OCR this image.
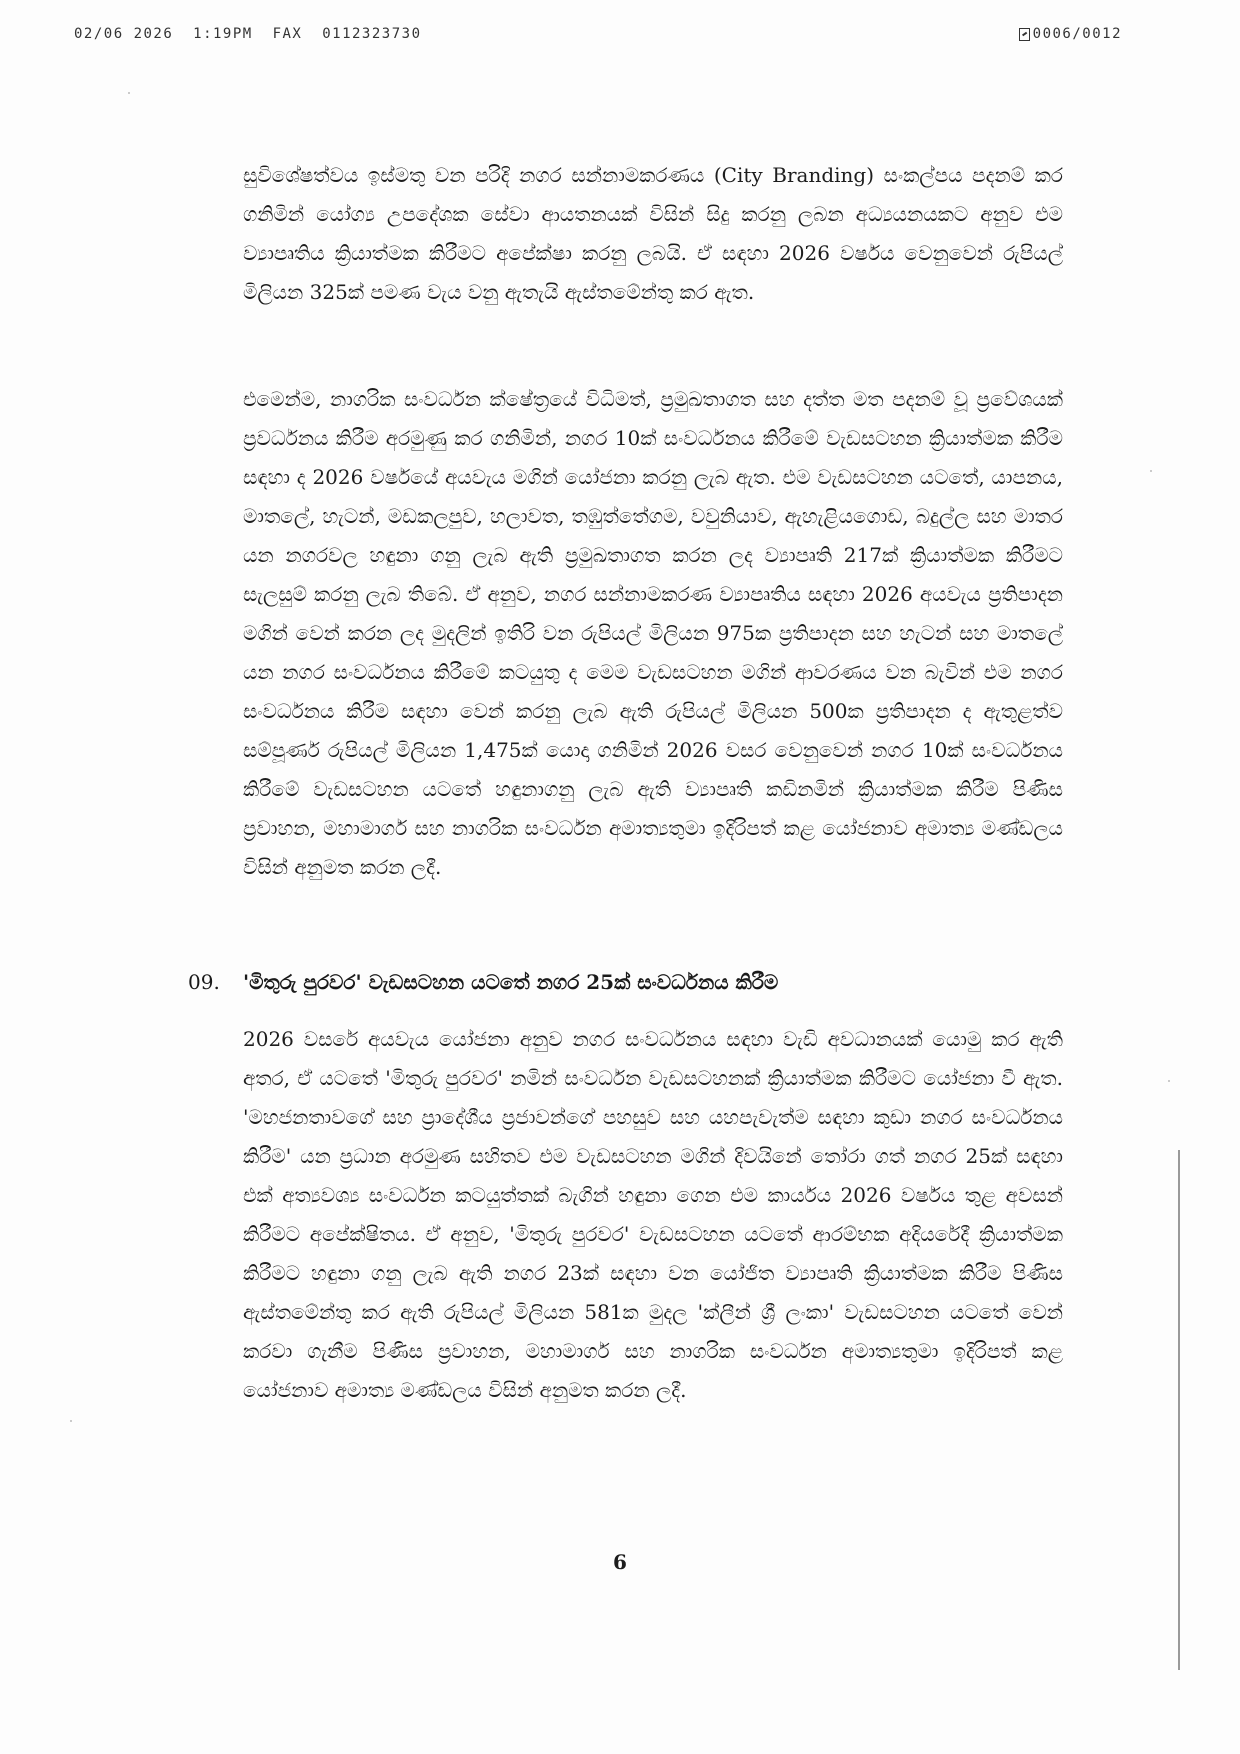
02/06 2026  1:19PM  FAX  0112323730	0006/0012

සුවිශේෂත්වය ඉස්මතු වන පරිදි නගර සන්නාමකරණය (City Branding) සංකල්පය පදනම් කර ගනිමින් යෝග්‍ය උපදේශක සේවා ආයතනයක් විසින් සිදු කරනු ලබන අධ්‍යයනයකට අනුව එම ව්‍යාපෘතිය ක්‍රියාත්මක කිරීමට අපේක්ෂා කරනු ලබයි. ඒ සඳහා 2026 වර්ෂය වෙනුවෙන් රුපියල් මිලියන 325ක් පමණ වැය වනු ඇතැයි ඇස්තමේන්තු කර ඇත.

එමෙන්ම, නාගරික සංවර්ධන ක්ෂේත්‍රයේ විධිමත්, ප්‍රමුඛතාගත සහ දත්ත මත පදනම් වූ ප්‍රවේශයක් ප්‍රවර්ධනය කිරීම අරමුණු කර ගනිමින්, නගර 10ක් සංවර්ධනය කිරීමේ වැඩසටහන ක්‍රියාත්මක කිරීම සඳහා ද 2026 වර්ෂයේ අයවැය මගින් යෝජනා කරනු ලැබ ඇත. එම වැඩසටහන යටතේ, යාපනය, මාතලේ, හැටන්, මඩකලපුව, හලාවත, තඹුත්තේගම, වවුනියාව, ඇහැළියගොඩ, බදුල්ල සහ මාතර යන නගරවල හඳුනා ගනු ලැබ ඇති ප්‍රමුඛතාගත කරන ලද ව්‍යාපෘති 217ක් ක්‍රියාත්මක කිරීමට සැලසුම් කරනු ලැබ තිබේ. ඒ අනුව, නගර සන්නාමකරණ ව්‍යාපෘතිය සඳහා 2026 අයවැය ප්‍රතිපාදන මගින් වෙන් කරන ලද මුදලින් ඉතිරි වන රුපියල් මිලියන 975ක ප්‍රතිපාදන සහ හැටන් සහ මාතලේ යන නගර සංවර්ධනය කිරීමේ කටයුතු ද මෙම වැඩසටහන මගින් ආවරණය වන බැවින් එම නගර සංවර්ධනය කිරීම සඳහා වෙන් කරනු ලැබ ඇති රුපියල් මිලියන 500ක ප්‍රතිපාදන ද ඇතුළත්ව සම්පූර්ණ රුපියල් මිලියන 1,475ක් යොදා ගනිමින් 2026 වසර වෙනුවෙන් නගර 10ක් සංවර්ධනය කිරීමේ වැඩසටහන යටතේ හඳුනාගනු ලැබ ඇති ව්‍යාපෘති කඩිනමින් ක්‍රියාත්මක කිරීම පිණිස ප්‍රවාහන, මහාමාර්ග සහ නාගරික සංවර්ධන අමාත්‍යතුමා ඉදිරිපත් කළ යෝජනාව අමාත්‍ය මණ්ඩලය විසින් අනුමත කරන ලදී.

09. 'මිතුරු පුරවර' වැඩසටහන යටතේ නගර 25ක් සංවර්ධනය කිරීම

2026 වසරේ අයවැය යෝජනා අනුව නගර සංවර්ධනය සඳහා වැඩි අවධානයක් යොමු කර ඇති අතර, ඒ යටතේ 'මිතුරු පුරවර' නමින් සංවර්ධන වැඩසටහනක් ක්‍රියාත්මක කිරීමට යෝජනා වී ඇත. 'මහජනතාවගේ සහ ප්‍රාදේශීය ප්‍රජාවන්ගේ පහසුව සහ යහපැවැත්ම සඳහා කුඩා නගර සංවර්ධනය කිරීම' යන ප්‍රධාන අරමුණ සහිතව එම වැඩසටහන මගින් දිවයිනේ තෝරා ගත් නගර 25ක් සඳහා එක් අත්‍යවශ්‍ය සංවර්ධන කටයුත්තක් බැගින් හඳුනා ගෙන එම කාර්යය 2026 වර්ෂය තුළ අවසන් කිරීමට අපේක්ෂිතය. ඒ අනුව, 'මිතුරු පුරවර' වැඩසටහන යටතේ ආරම්භක අදියරේදී ක්‍රියාත්මක කිරීමට හඳුනා ගනු ලැබ ඇති නගර 23ක් සඳහා වන යෝජිත ව්‍යාපෘති ක්‍රියාත්මක කිරීම පිණිස ඇස්තමේන්තු කර ඇති රුපියල් මිලියන 581ක මුදල 'ක්ලීන් ශ්‍රී ලංකා' වැඩසටහන යටතේ වෙන් කරවා ගැනීම පිණිස ප්‍රවාහන, මහාමාර්ග සහ නාගරික සංවර්ධන අමාත්‍යතුමා ඉදිරිපත් කළ යෝජනාව අමාත්‍ය මණ්ඩලය විසින් අනුමත කරන ලදී.

6
